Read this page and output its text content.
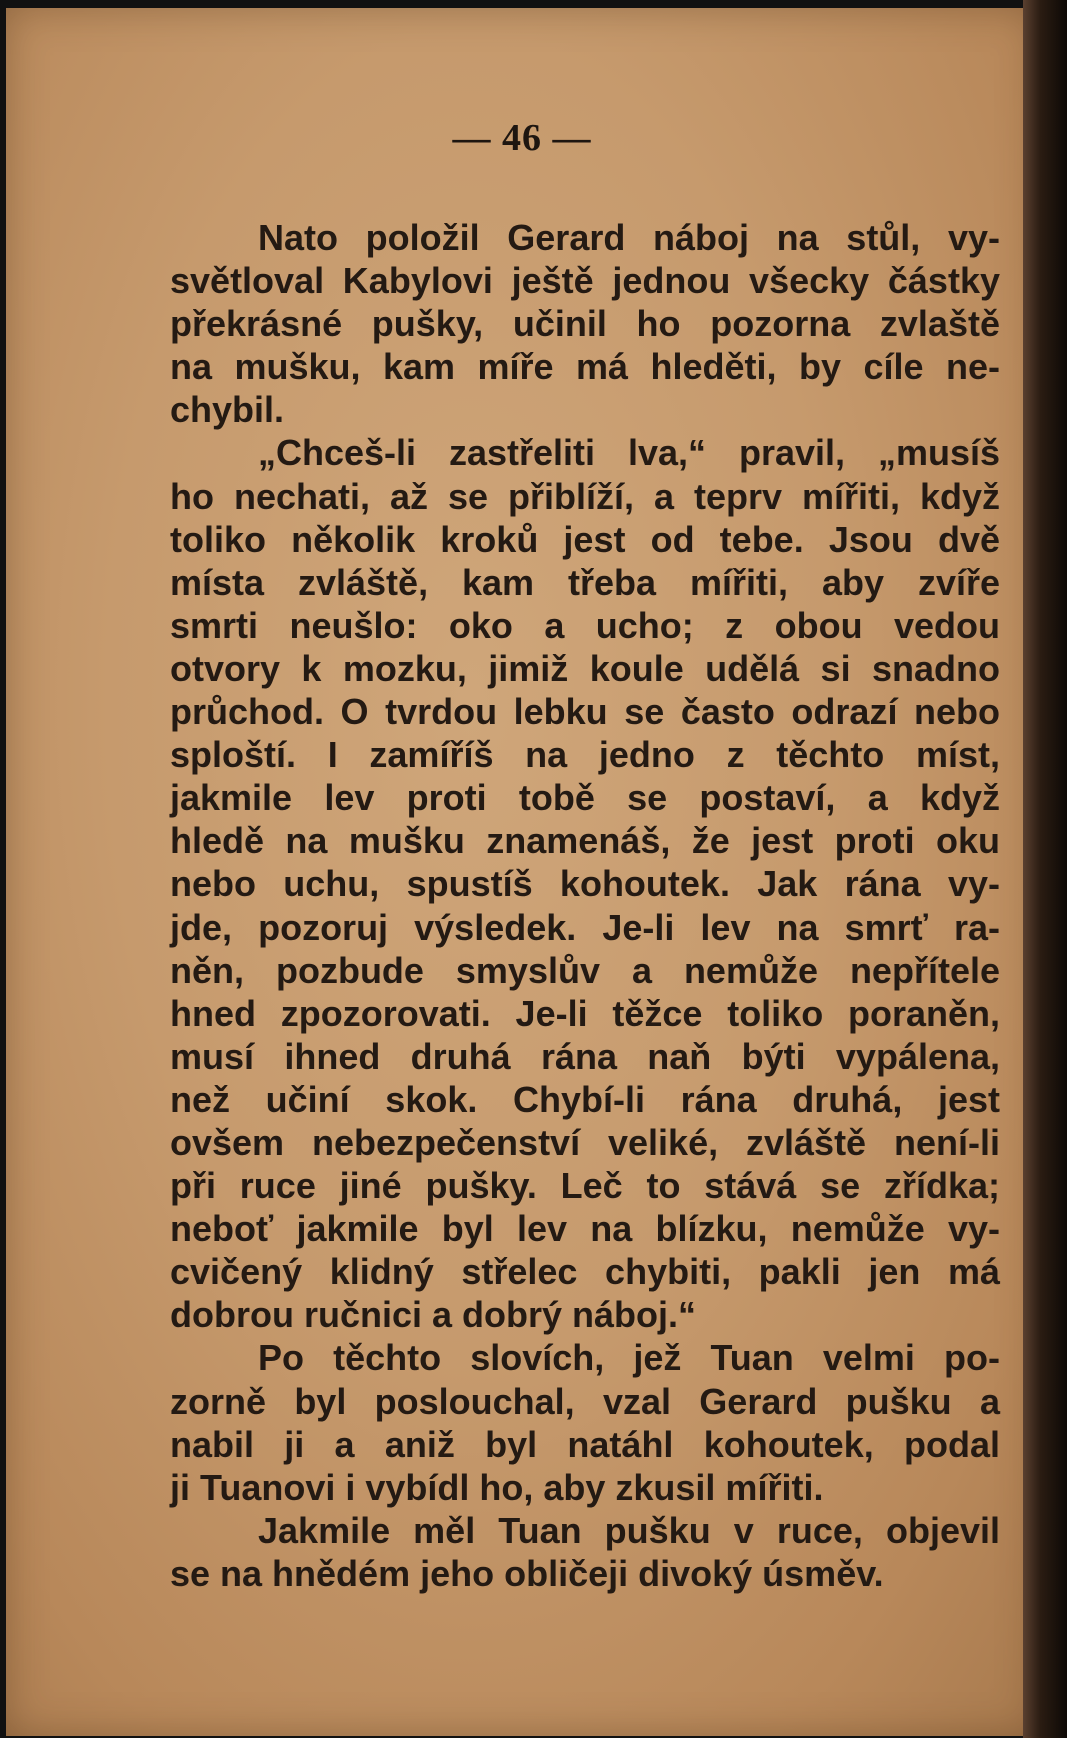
— 46 —
Nato položil Gerard náboj na stůl, vy-
světloval Kabylovi ještě jednou všecky částky
překrásné pušky, učinil ho pozorna zvlaště
na mušku, kam míře má hleděti, by cíle ne-
chybil.
„Chceš-li zastřeliti lva,“ pravil, „musíš
ho nechati, až se přiblíží, a teprv mířiti, když
toliko několik kroků jest od tebe. Jsou dvě
místa zvláště, kam třeba mířiti, aby zvíře
smrti neušlo: oko a ucho; z obou vedou
otvory k mozku, jimiž koule udělá si snadno
průchod. O tvrdou lebku se často odrazí nebo
sploští. I zamíříš na jedno z těchto míst,
jakmile lev proti tobě se postaví, a když
hledě na mušku znamenáš, že jest proti oku
nebo uchu, spustíš kohoutek. Jak rána vy-
jde, pozoruj výsledek. Je-li lev na smrť ra-
něn, pozbude smyslův a nemůže nepřítele
hned zpozorovati. Je-li těžce toliko poraněn,
musí ihned druhá rána naň býti vypálena,
než učiní skok. Chybí-li rána druhá, jest
ovšem nebezpečenství veliké, zvláště není-li
při ruce jiné pušky. Leč to stává se zřídka;
neboť jakmile byl lev na blízku, nemůže vy-
cvičený klidný střelec chybiti, pakli jen má
dobrou ručnici a dobrý náboj.“
Po těchto slovích, jež Tuan velmi po-
zorně byl poslouchal, vzal Gerard pušku a
nabil ji a aniž byl natáhl kohoutek, podal
ji Tuanovi i vybídl ho, aby zkusil mířiti.
Jakmile měl Tuan pušku v ruce, objevil
se na hnědém jeho obličeji divoký úsměv.
